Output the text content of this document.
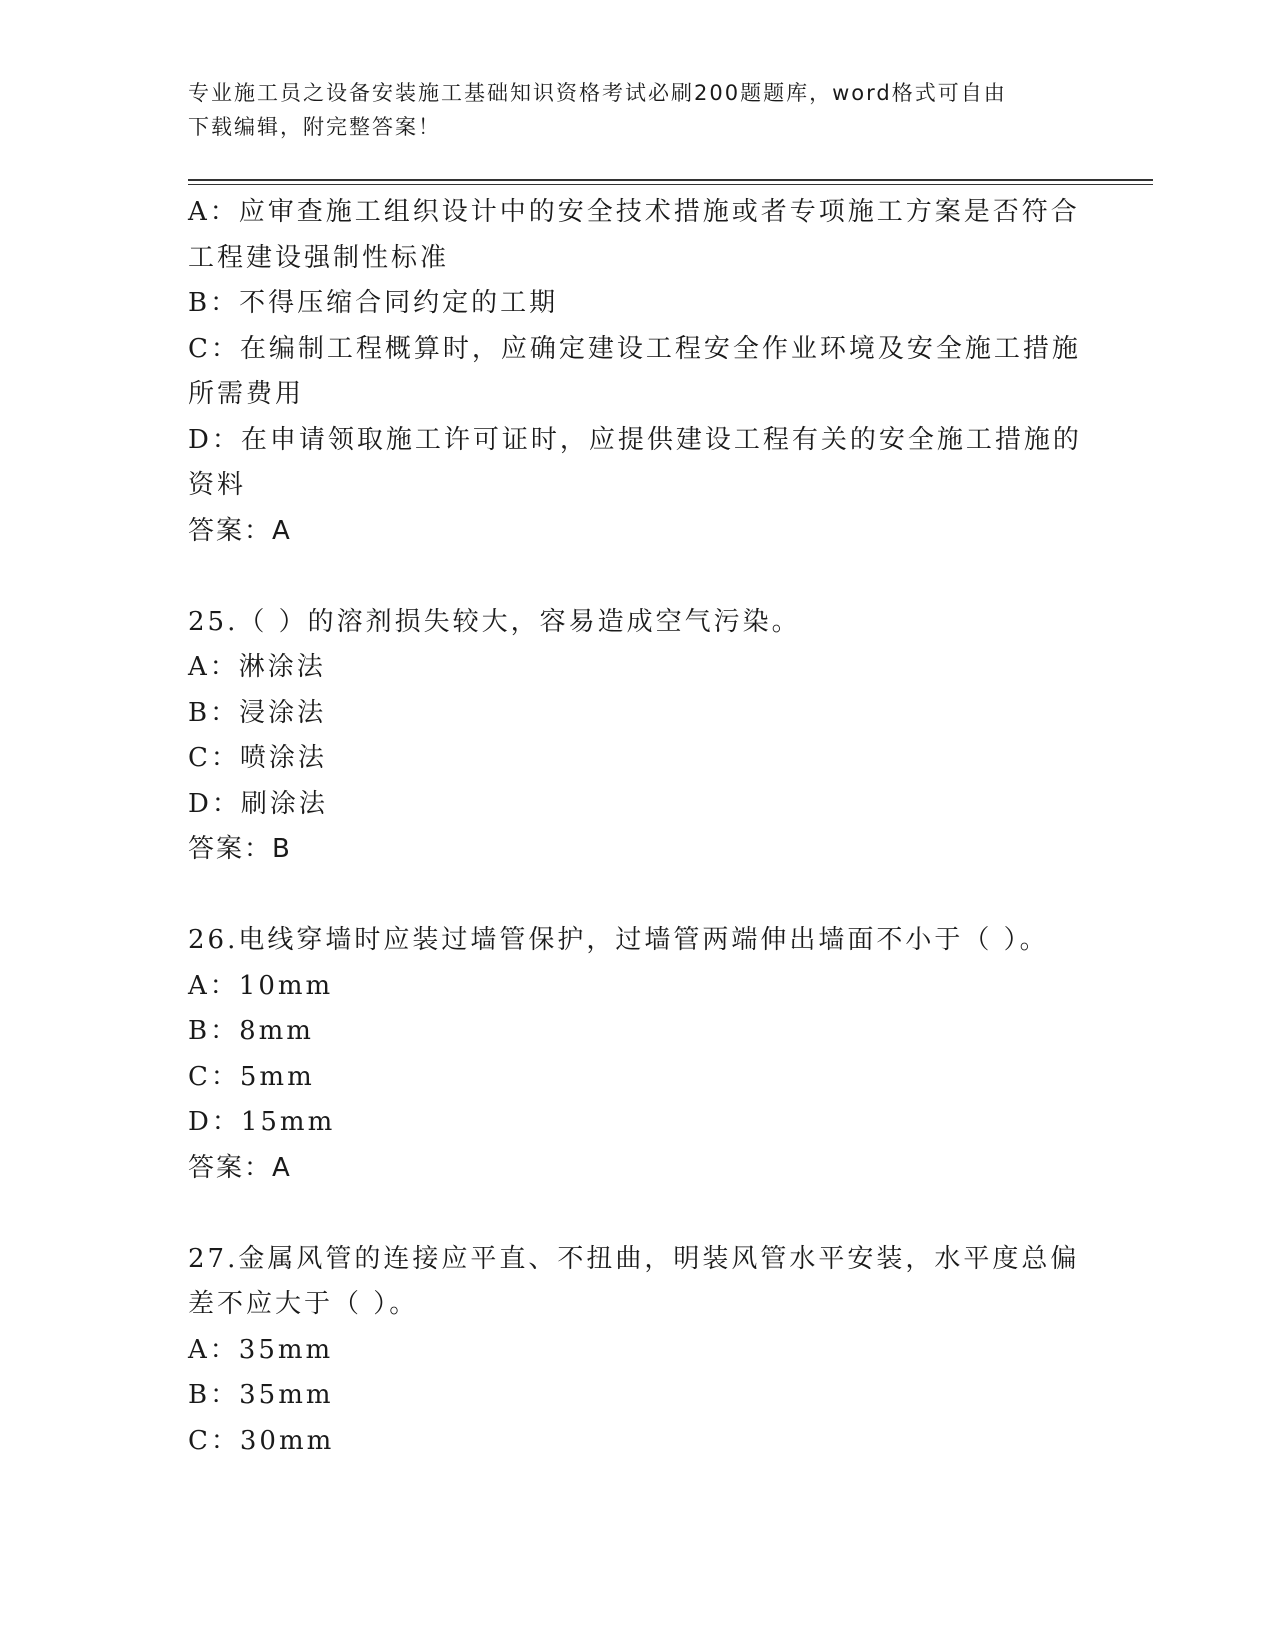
专业施工员之设备安装施工基础知识资格考试必刷200题题库，word格式可自由
下载编辑，附完整答案！
A：应审查施工组织设计中的安全技术措施或者专项施工方案是否符合
工程建设强制性标准
B：不得压缩合同约定的工期
C：在编制工程概算时，应确定建设工程安全作业环境及安全施工措施
所需费用
D：在申请领取施工许可证时，应提供建设工程有关的安全施工措施的
资料
答案：A
25.（ ）的溶剂损失较大，容易造成空气污染。
A：淋涂法
B：浸涂法
C：喷涂法
D：刷涂法
答案：B
26.电线穿墙时应装过墙管保护，过墙管两端伸出墙面不小于（ ）。
A：10mm
B：8mm
C：5mm
D：15mm
答案：A
27.金属风管的连接应平直、不扭曲，明装风管水平安装，水平度总偏
差不应大于（ ）。
A：35mm
B：35mm
C：30mm
